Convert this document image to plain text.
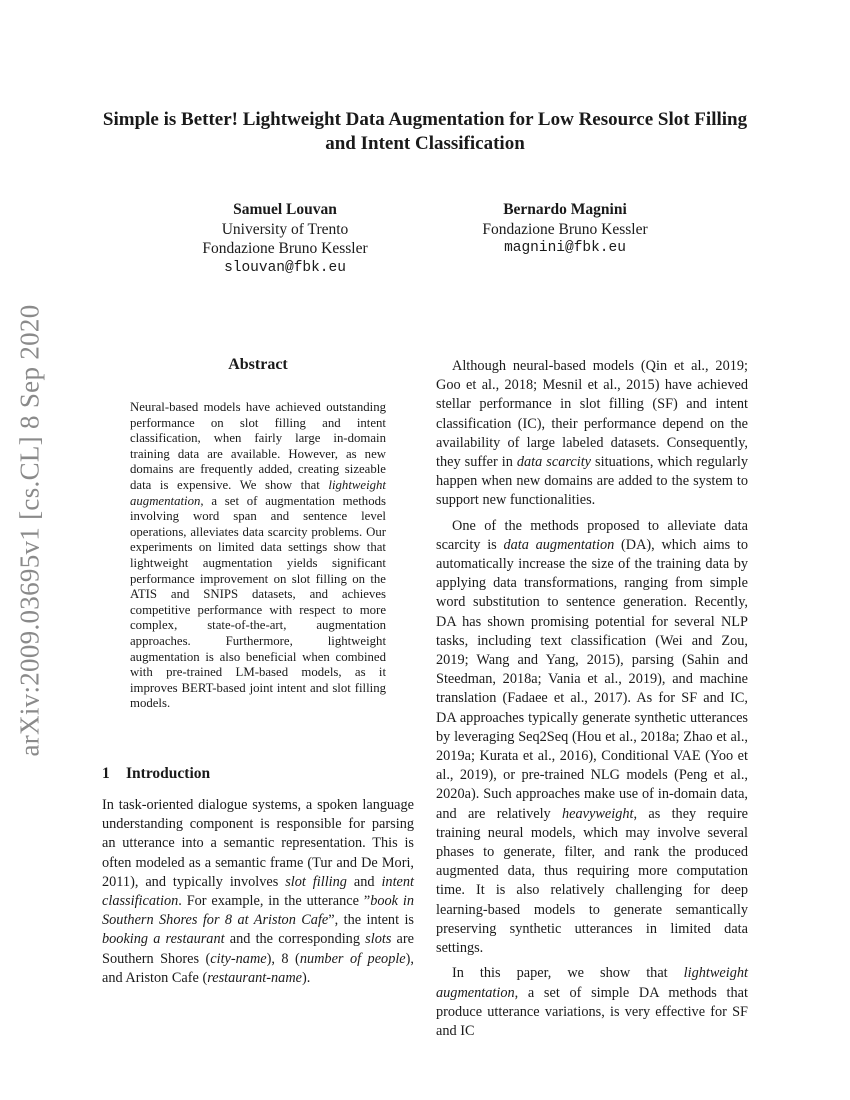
Simple is Better! Lightweight Data Augmentation for Low Resource Slot Filling and Intent Classification
Samuel Louvan
University of Trento
Fondazione Bruno Kessler
slouvan@fbk.eu
Bernardo Magnini
Fondazione Bruno Kessler
magnini@fbk.eu
arXiv:2009.03695v1 [cs.CL] 8 Sep 2020	Abstract

Neural-based models have achieved outstanding performance on slot filling and intent classification, when fairly large in-domain training data are available. However, as new domains are frequently added, creating sizeable data is expensive. We show that lightweight augmentation, a set of augmentation methods involving word span and sentence level operations, alleviates data scarcity problems. Our experiments on limited data settings show that lightweight augmentation yields significant performance improvement on slot filling on the ATIS and SNIPS datasets, and achieves competitive performance with respect to more complex, state-of-the-art, augmentation approaches. Furthermore, lightweight augmentation is also beneficial when combined with pre-trained LM-based models, as it improves BERT-based joint intent and slot filling models.

1 Introduction

In task-oriented dialogue systems, a spoken language understanding component is responsible for parsing an utterance into a semantic representation. This is often modeled as a semantic frame (Tur and De Mori, 2011), and typically involves slot filling and intent classification. For example, in the utterance ”book in Southern Shores for 8 at Ariston Cafe”, the intent is booking a restaurant and the corresponding slots are Southern Shores (city-name), 8 (number of people), and Ariston Cafe (restaurant-name).

Although neural-based models (Qin et al., 2019; Goo et al., 2018; Mesnil et al., 2015) have achieved stellar performance in slot filling (SF) and intent classification (IC), their performance depend on the availability of large labeled datasets. Consequently, they suffer in data scarcity situations, which regularly happen when new domains are added to the system to support new functionalities.

One of the methods proposed to alleviate data scarcity is data augmentation (DA), which aims to automatically increase the size of the training data by applying data transformations, ranging from simple word substitution to sentence generation. Recently, DA has shown promising potential for several NLP tasks, including text classification (Wei and Zou, 2019; Wang and Yang, 2015), parsing (Sahin and Steedman, 2018a; Vania et al., 2019), and machine translation (Fadaee et al., 2017). As for SF and IC, DA approaches typically generate synthetic utterances by leveraging Seq2Seq (Hou et al., 2018a; Zhao et al., 2019a; Kurata et al., 2016), Conditional VAE (Yoo et al., 2019), or pre-trained NLG models (Peng et al., 2020a). Such approaches make use of in-domain data, and are relatively heavyweight, as they require training neural models, which may involve several phases to generate, filter, and rank the produced augmented data, thus requiring more computation time. It is also relatively challenging for deep learning-based models to generate semantically preserving synthetic utterances in limited data settings.

In this paper, we show that lightweight augmentation, a set of simple DA methods that produce utterance variations, is very effective for SF and IC
